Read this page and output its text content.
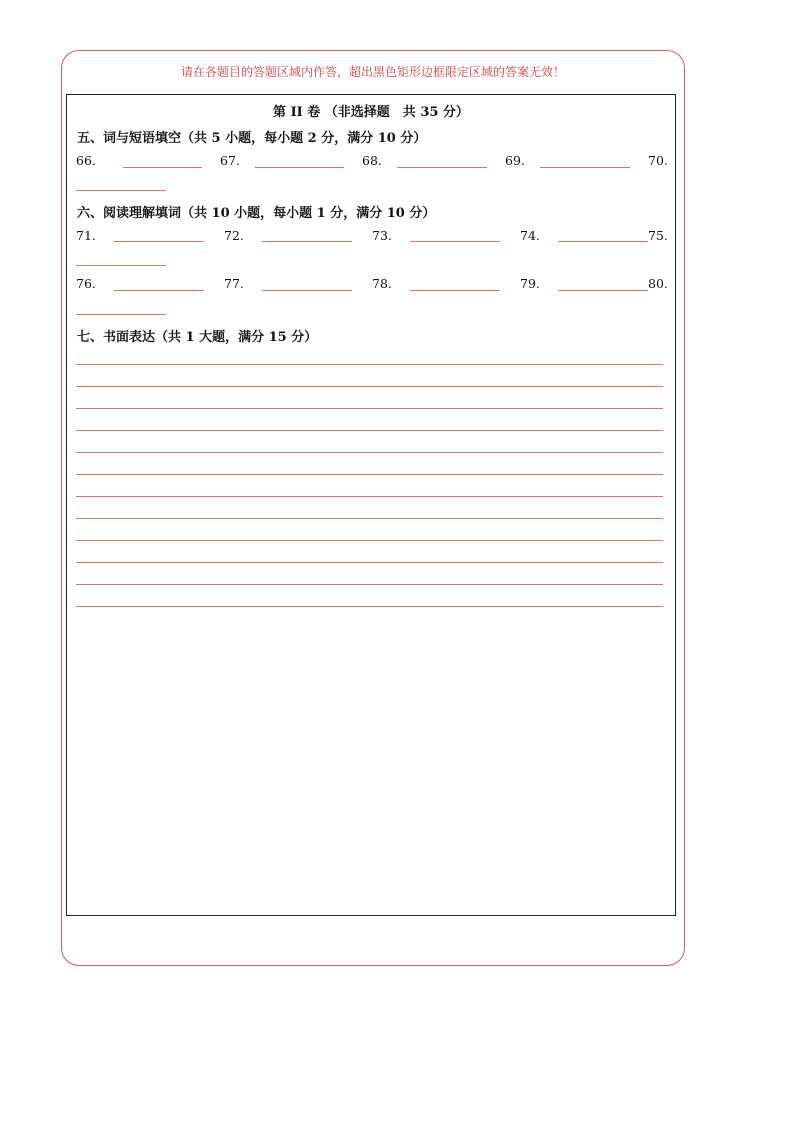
请在各题目的答题区域内作答，超出黑色矩形边框限定区域的答案无效！
第 II 卷 （非选择题　共 35 分）
五、词与短语填空（共 5 小题，每小题 2 分，满分 10 分）
66.	67.	68.	69.	70.
六、阅读理解填词（共 10 小题，每小题 1 分，满分 10 分）
71.	72.	73.	74.	75.
76.	77.	78.	79.	80.
七、书面表达（共 1 大题，满分 15 分）
